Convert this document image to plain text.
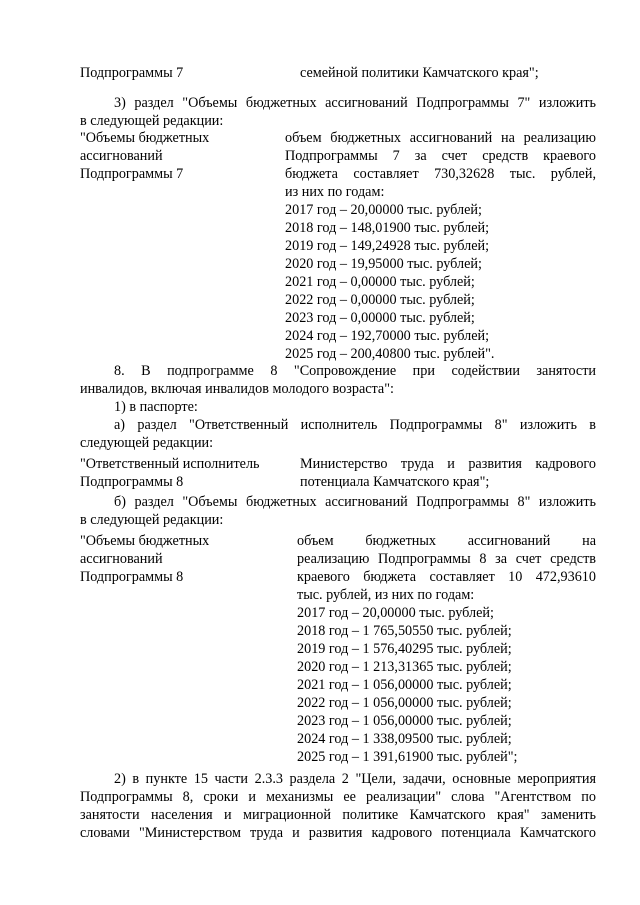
Подпрограммы 7	семейной политики Камчатского края";
3) раздел "Объемы бюджетных ассигнований Подпрограммы 7" изложить
в следующей редакции:
"Объемы бюджетных
ассигнований
Подпрограммы 7
объем бюджетных ассигнований на реализацию
Подпрограммы 7 за счет средств краевого
бюджета составляет 730,32628 тыс. рублей,
из них по годам:
2017 год – 20,00000 тыс. рублей;
2018 год – 148,01900 тыс. рублей;
2019 год – 149,24928 тыс. рублей;
2020 год – 19,95000 тыс. рублей;
2021 год – 0,00000 тыс. рублей;
2022 год – 0,00000 тыс. рублей;
2023 год – 0,00000 тыс. рублей;
2024 год – 192,70000 тыс. рублей;
2025 год – 200,40800 тыс. рублей".
8. В подпрограмме 8 "Сопровождение при содействии занятости
инвалидов, включая инвалидов молодого возраста":
1) в паспорте:
а) раздел "Ответственный исполнитель Подпрограммы 8" изложить в
следующей редакции:
"Ответственный исполнитель
Подпрограммы 8
Министерство труда и развития кадрового
потенциала Камчатского края";
б) раздел "Объемы бюджетных ассигнований Подпрограммы 8" изложить
в следующей редакции:
"Объемы бюджетных
ассигнований
Подпрограммы 8
объем бюджетных ассигнований на
реализацию Подпрограммы 8 за счет средств
краевого бюджета составляет 10 472,93610
тыс. рублей, из них по годам:
2017 год – 20,00000 тыс. рублей;
2018 год – 1 765,50550 тыс. рублей;
2019 год – 1 576,40295 тыс. рублей;
2020 год – 1 213,31365 тыс. рублей;
2021 год – 1 056,00000 тыс. рублей;
2022 год – 1 056,00000 тыс. рублей;
2023 год – 1 056,00000 тыс. рублей;
2024 год – 1 338,09500 тыс. рублей;
2025 год – 1 391,61900 тыс. рублей";
2) в пункте 15 части 2.3.3 раздела 2 "Цели, задачи, основные мероприятия
Подпрограммы 8, сроки и механизмы ее реализации" слова "Агентством по
занятости населения и миграционной политике Камчатского края" заменить
словами "Министерством труда и развития кадрового потенциала Камчатского
